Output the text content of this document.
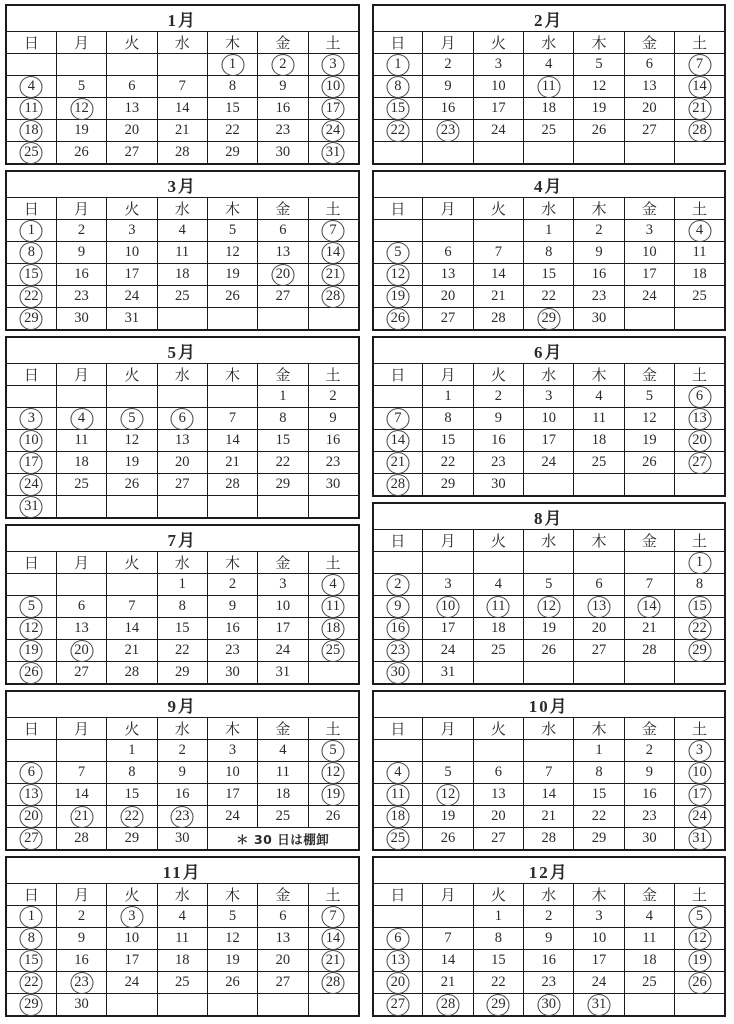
1月						
日	月	火	水	木	金	土
				1	2	3

4	5	6	7	8	9	10

11	12	13	14	15	16	17

18	19	20	21	22	23	24

25	26	27	28	29	30	31
3月						
日	月	火	水	木	金	土
1	2	3	4	5	6	7

8	9	10	11	12	13	14

15	16	17	18	19	20	21

22	23	24	25	26	27	28

29	30	31				
5月						
日	月	火	水	木	金	土
					1	2
3	4	5	6	7	8	9
10	11	12	13	14	15	16
17	18	19	20	21	22	23
24	25	26	27	28	29	30
31

7月						
日	月	火	水	木	金	土
			1	2	3	4

5	6	7	8	9	10	11

12	13	14	15	16	17	18

19	20	21	22	23	24	25

26	27	28	29	30	31	
9月						
日	月	火	水	木	金	土
		1	2	3	4	5

6	7	8	9	10	11	12

13	14	15	16	17	18	19

20	21	22	23	24	25	26
27	28	29	30	＊ 30 日は棚卸		
11月						
日	月	火	水	木	金	土
1	2	3	4	5	6	7

8	9	10	11	12	13	14

15	16	17	18	19	20	21

22	23	24	25	26	27	28

29	30					
2月						
日	月	火	水	木	金	土
1	2	3	4	5	6	7

8	9	10	11	12	13	14

15	16	17	18	19	20	21

22	23	24	25	26	27	28

4月						
日	月	火	水	木	金	土
			1	2	3	4

5	6	7	8	9	10	11
12	13	14	15	16	17	18
19	20	21	22	23	24	25
26	27	28	29	30		
6月						
日	月	火	水	木	金	土
	1	2	3	4	5	6

7	8	9	10	11	12	13

14	15	16	17	18	19	20

21	22	23	24	25	26	27

28	29	30				
8月						
日	月	火	水	木	金	土
						1

2	3	4	5	6	7	8
9	10	11	12	13	14	15

16	17	18	19	20	21	22

23	24	25	26	27	28	29

30	31					
10月						
日	月	火	水	木	金	土
				1	2	3

4	5	6	7	8	9	10

11	12	13	14	15	16	17

18	19	20	21	22	23	24

25	26	27	28	29	30	31
12月						
日	月	火	水	木	金	土
		1	2	3	4	5

6	7	8	9	10	11	12

13	14	15	16	17	18	19

20	21	22	23	24	25	26

27	28	29	30	31
